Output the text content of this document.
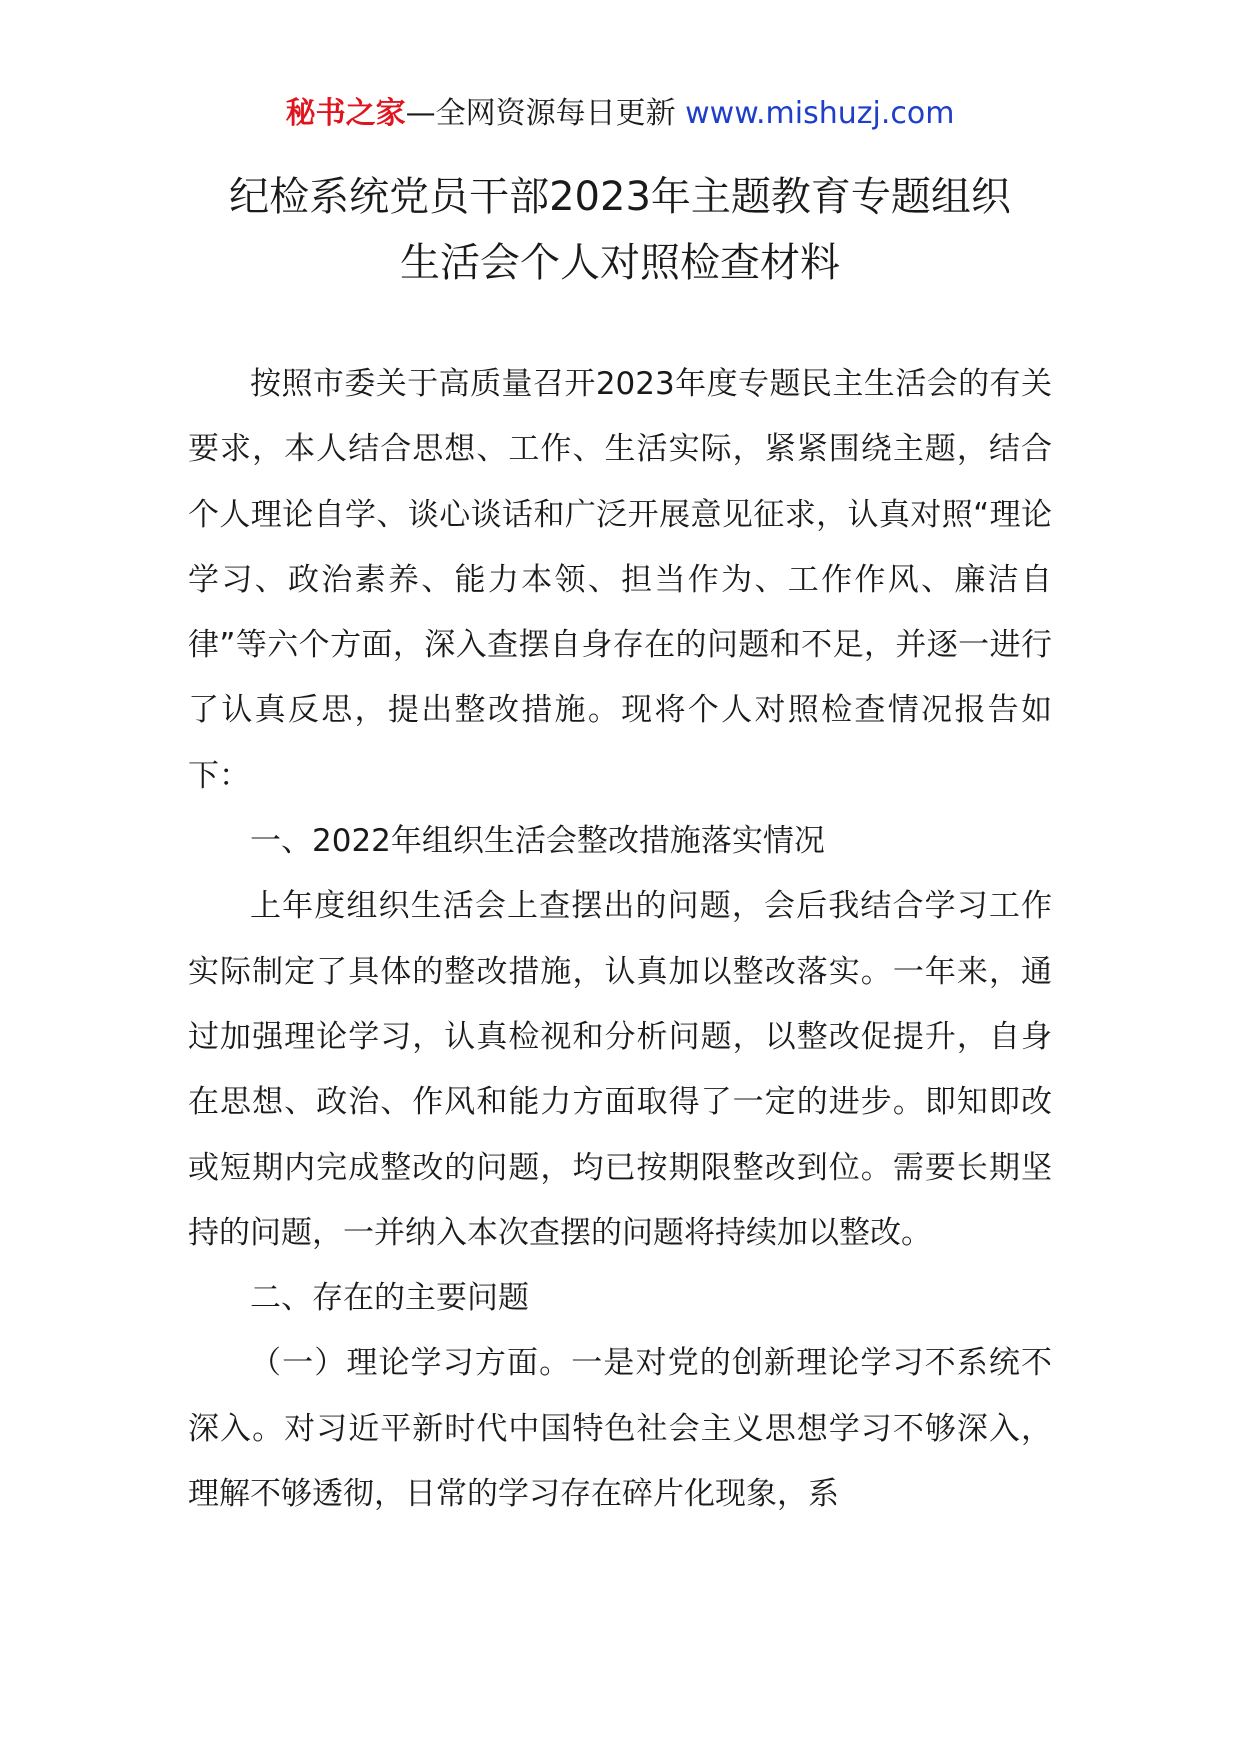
秘书之家—全网资源每日更新 www.mishuzj.com
纪检系统党员干部2023年主题教育专题组织
生活会个人对照检查材料

按照市委关于高质量召开2023年度专题民主生活会的有关要求，本人结合思想、工作、生活实际，紧紧围绕主题，结合个人理论自学、谈心谈话和广泛开展意见征求，认真对照“理论学习、政治素养、能力本领、担当作为、工作作风、廉洁自律”等六个方面，深入查摆自身存在的问题和不足，并逐一进行了认真反思，提出整改措施。现将个人对照检查情况报告如下：

一、2022年组织生活会整改措施落实情况

上年度组织生活会上查摆出的问题，会后我结合学习工作实际制定了具体的整改措施，认真加以整改落实。一年来，通过加强理论学习，认真检视和分析问题，以整改促提升，自身在思想、政治、作风和能力方面取得了一定的进步。即知即改或短期内完成整改的问题，均已按期限整改到位。需要长期坚持的问题，一并纳入本次查摆的问题将持续加以整改。

二、存在的主要问题

（一）理论学习方面。一是对党的创新理论学习不系统不深入。对习近平新时代中国特色社会主义思想学习不够深入，理解不够透彻，日常的学习存在碎片化现象，系
